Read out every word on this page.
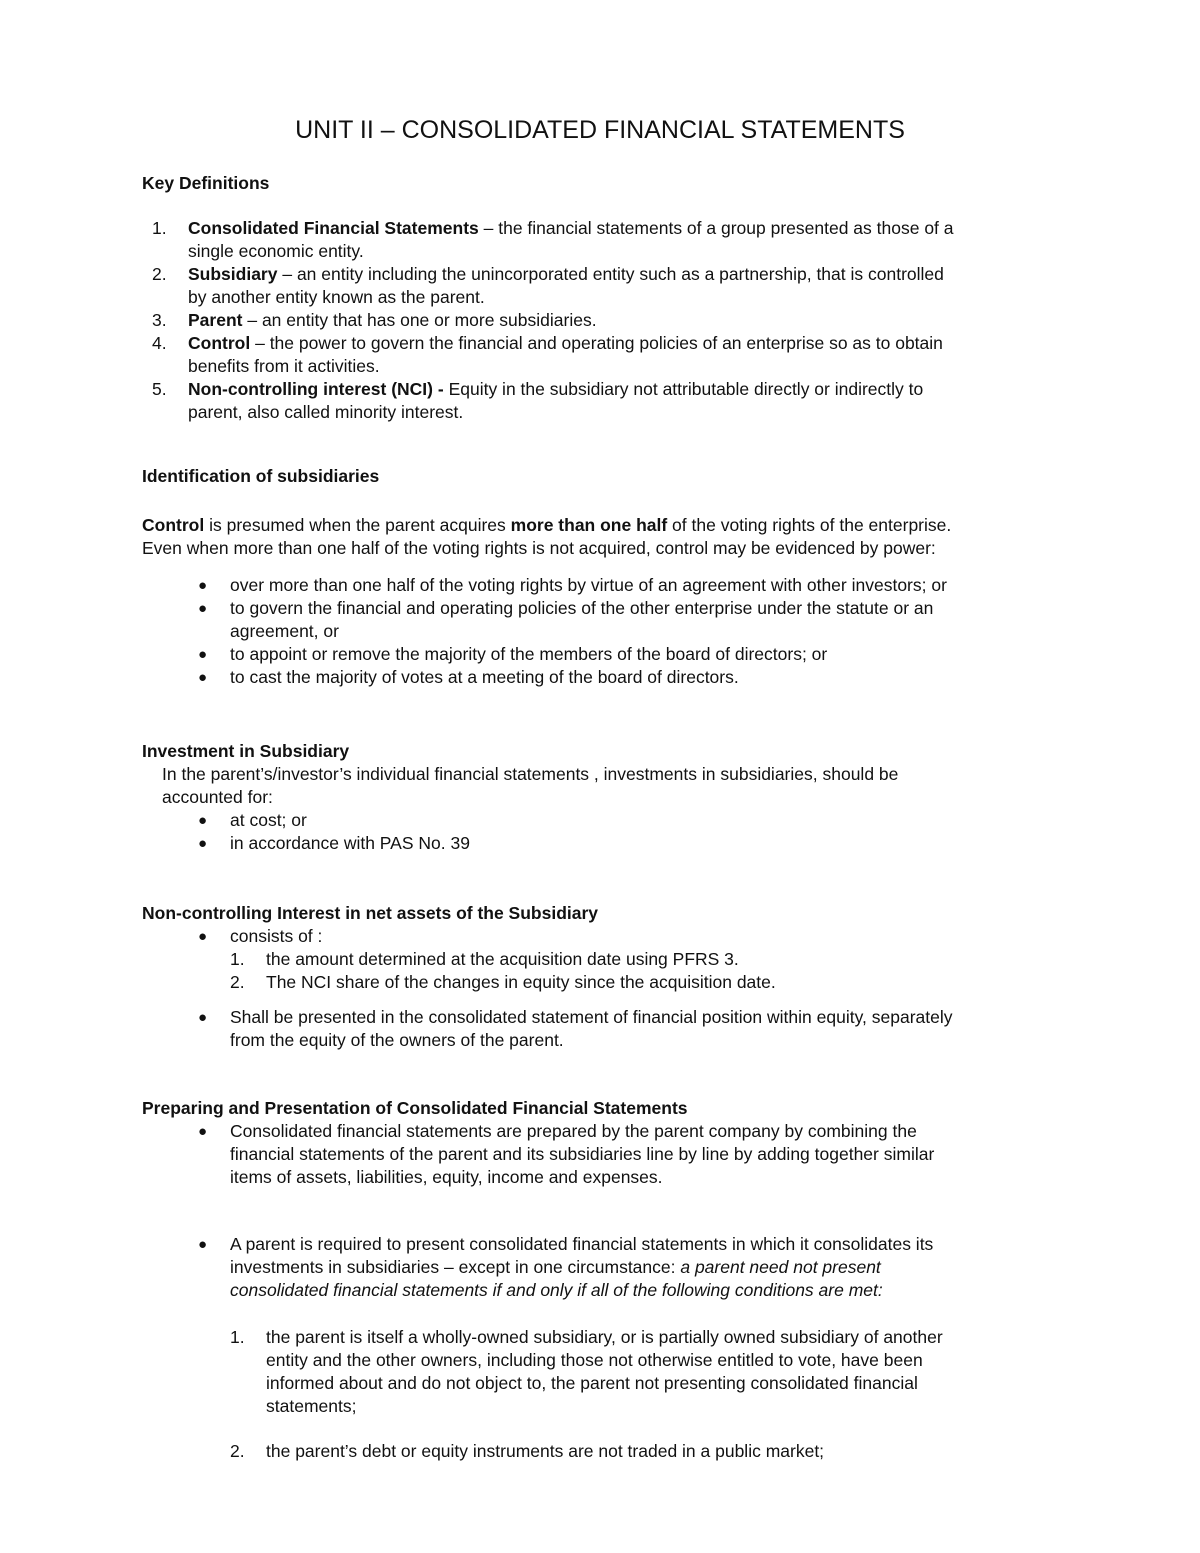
UNIT II – CONSOLIDATED FINANCIAL STATEMENTS

Key Definitions

1. Consolidated Financial Statements – the financial statements of a group presented as those of a
single economic entity.
2. Subsidiary – an entity including the unincorporated entity such as a partnership, that is controlled
by another entity known as the parent.
3. Parent – an entity that has one or more subsidiaries.
4. Control – the power to govern the financial and operating policies of an enterprise so as to obtain
benefits from it activities.
5. Non-controlling interest (NCI) - Equity in the subsidiary not attributable directly or indirectly to
parent, also called minority interest.

Identification of subsidiaries

Control is presumed when the parent acquires more than one half of the voting rights of the enterprise.
Even when more than one half of the voting rights is not acquired, control may be evidenced by power:

● over more than one half of the voting rights by virtue of an agreement with other investors; or
● to govern the financial and operating policies of the other enterprise under the statute or an
agreement, or
● to appoint or remove the majority of the members of the board of directors; or
● to cast the majority of votes at a meeting of the board of directors.

Investment in Subsidiary

In the parent’s/investor’s individual financial statements , investments in subsidiaries, should be
accounted for:

● at cost; or
● in accordance with PAS No. 39

Non-controlling Interest in net assets of the Subsidiary

● consists of :
1. the amount determined at the acquisition date using PFRS 3.
2. The NCI share of the changes in equity since the acquisition date.
● Shall be presented in the consolidated statement of financial position within equity, separately
from the equity of the owners of the parent.

Preparing and Presentation of Consolidated Financial Statements

● Consolidated financial statements are prepared by the parent company by combining the
financial statements of the parent and its subsidiaries line by line by adding together similar
items of assets, liabilities, equity, income and expenses.
● A parent is required to present consolidated financial statements in which it consolidates its
investments in subsidiaries – except in one circumstance: a parent need not present
consolidated financial statements if and only if all of the following conditions are met:
1. the parent is itself a wholly-owned subsidiary, or is partially owned subsidiary of another
entity and the other owners, including those not otherwise entitled to vote, have been
informed about and do not object to, the parent not presenting consolidated financial
statements;
2. the parent’s debt or equity instruments are not traded in a public market;
